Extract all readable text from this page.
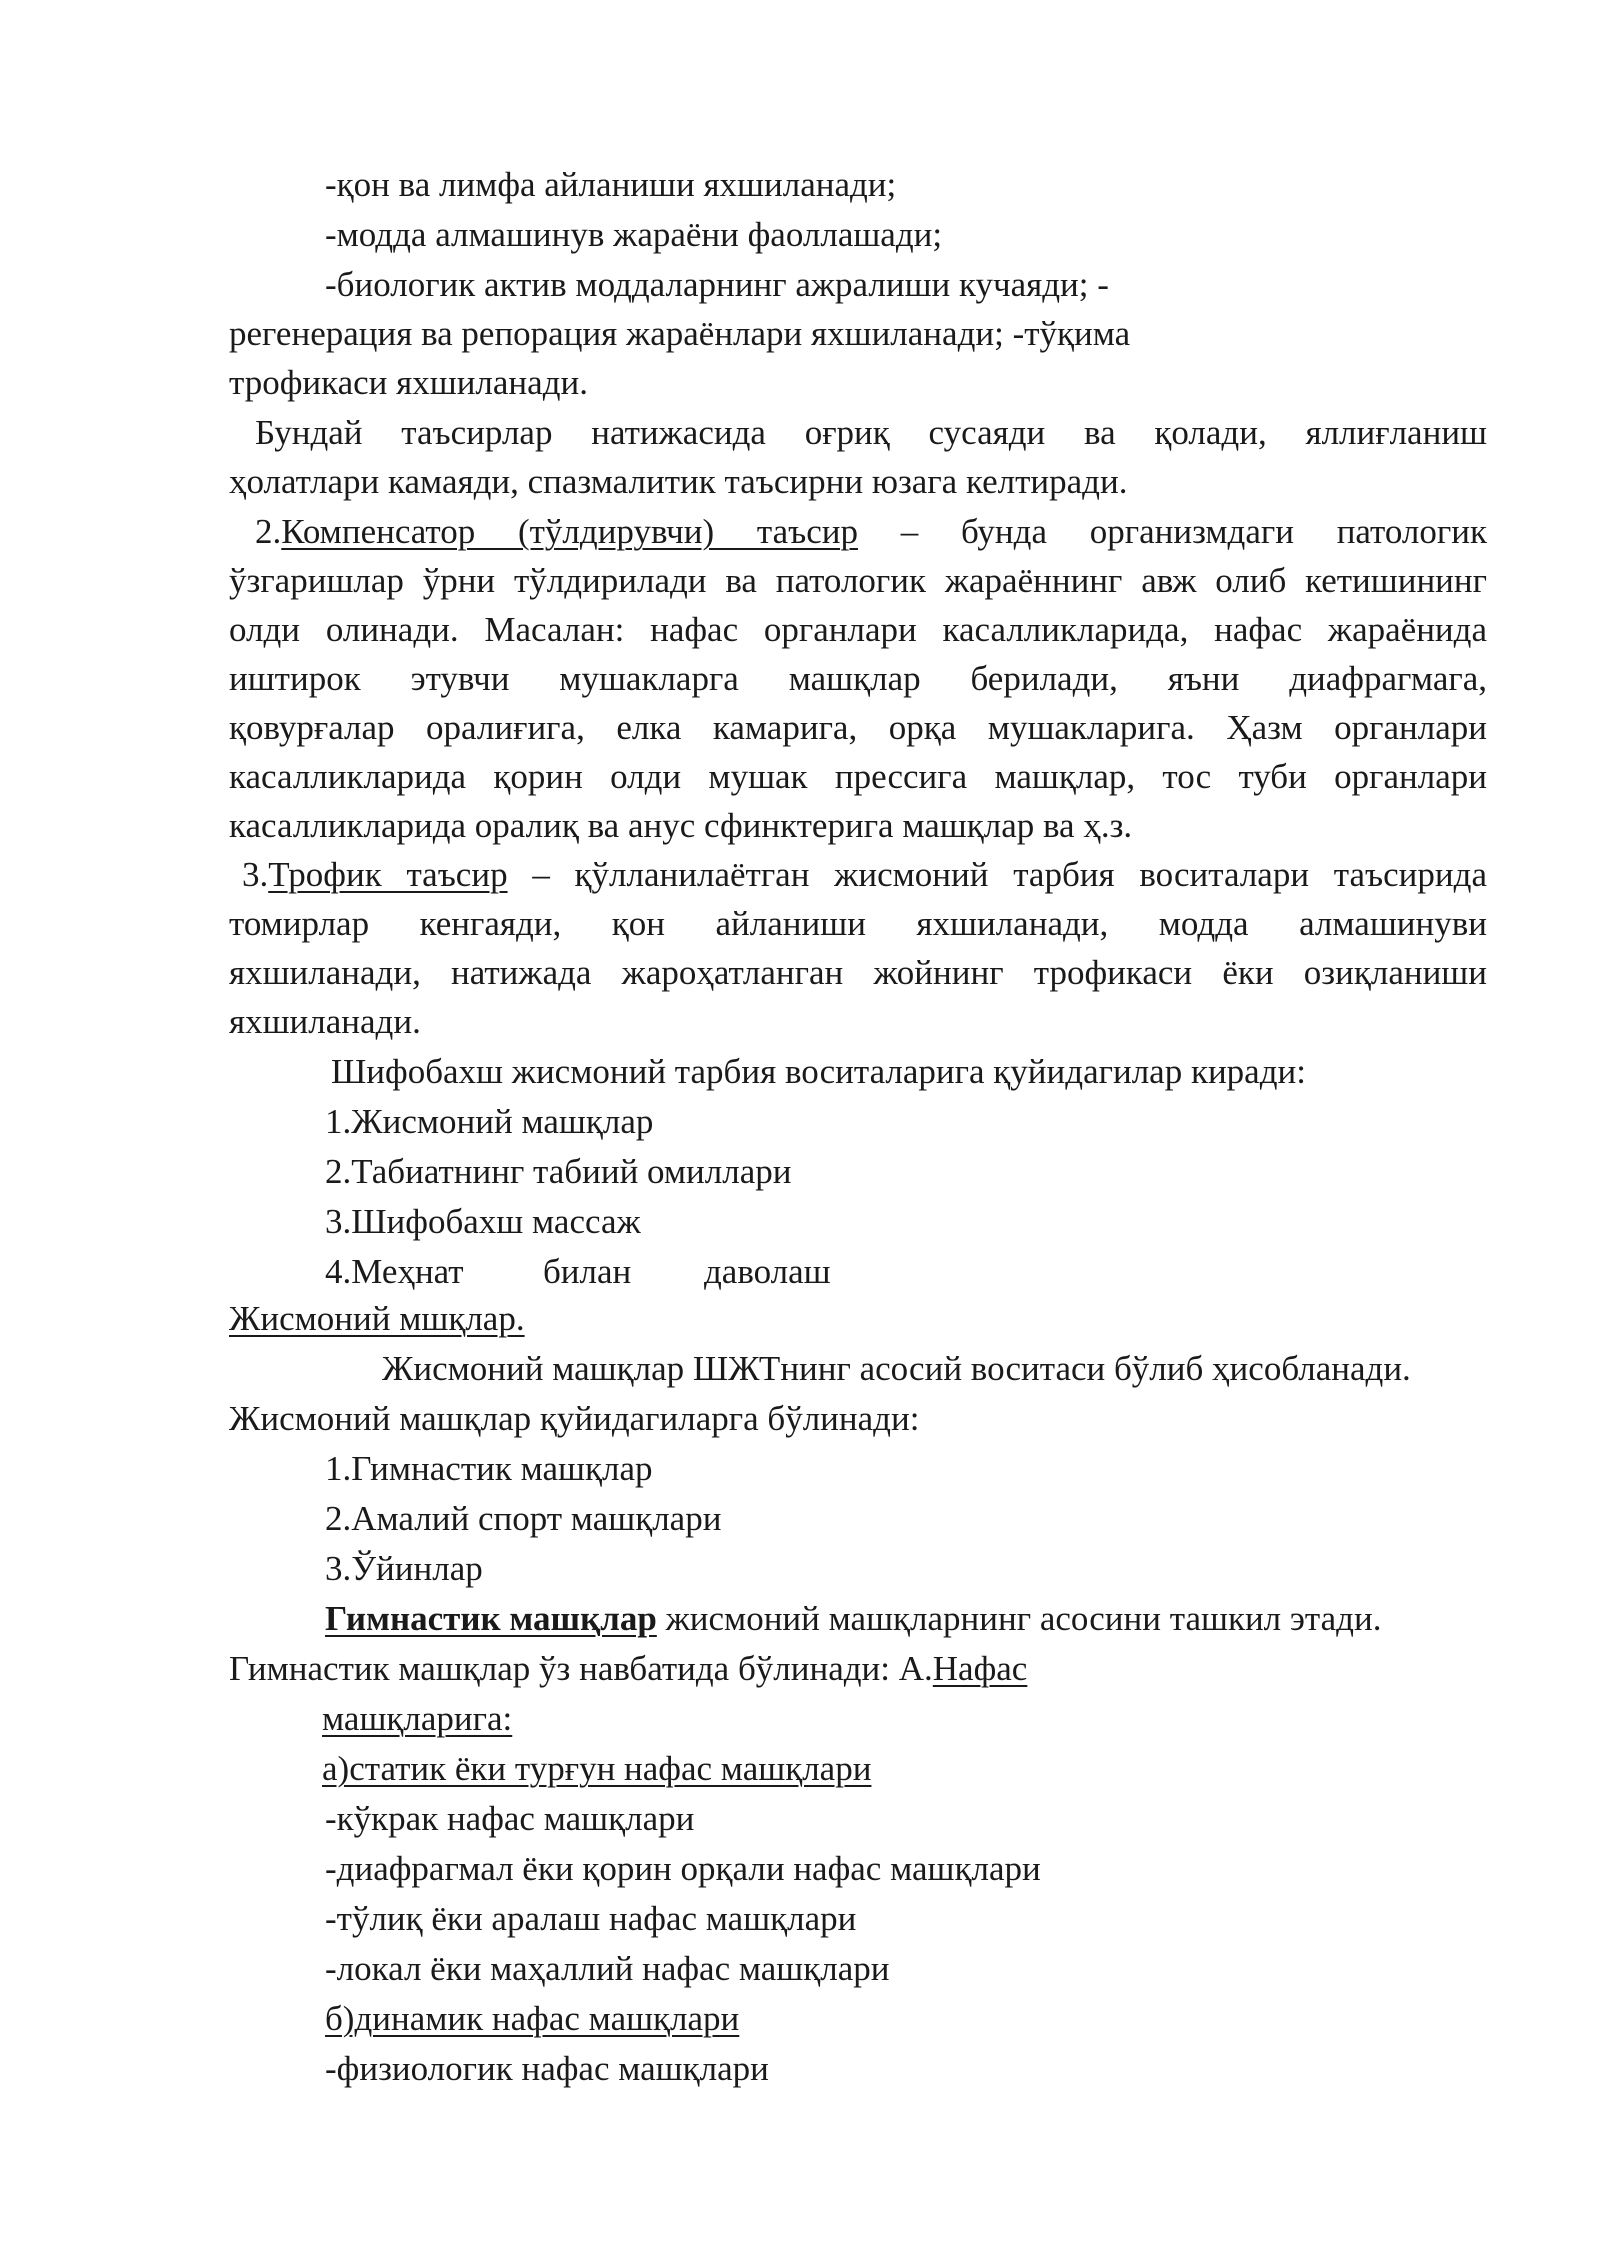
-қон ва лимфа айланиши яхшиланади;

-модда алмашинув жараёни фаоллашади;

-биологик актив моддаларнинг ажралиши кучаяди; -

регенерация ва репорация жараёнлари яхшиланади; -тўқима

трофикаси яхшиланади.

Бундай таъсирлар натижасида оғриқ сусаяди ва қолади, яллиғланиш

ҳолатлари камаяди, спазмалитик таъсирни юзага келтиради.

2.Компенсатор (тўлдирувчи) таъсир – бунда организмдаги патологик

ўзгаришлар ўрни тўлдирилади ва патологик жараённинг авж олиб кетишининг

олди олинади. Масалан: нафас органлари касалликларида, нафас жараёнида

иштирок этувчи мушакларга машқлар берилади, яъни диафрагмага,

қовурғалар оралиғига, елка камарига, орқа мушакларига. Ҳазм органлари

касалликларида қорин олди мушак прессига машқлар, тос туби органлари

касалликларида оралиқ ва анус сфинктерига машқлар ва ҳ.з.

3.Трофик таъсир – қўлланилаётган жисмоний тарбия воситалари таъсирида

томирлар кенгаяди, қон айланиши яхшиланади, модда алмашинуви

яхшиланади, натижада жароҳатланган жойнинг трофикаси ёки озиқланиши

яхшиланади.

Шифобахш жисмоний тарбия воситаларига қуйидагилар киради:

1.Жисмоний машқлар

2.Табиатнинг табиий омиллари

3.Шифобахш массаж

4.Меҳнат билан даволаш

Жисмоний мшқлар.

Жисмоний машқлар ШЖТнинг асосий воситаси бўлиб ҳисобланади.

Жисмоний машқлар қуйидагиларга бўлинади:

1.Гимнастик машқлар

2.Амалий спорт машқлари

3.Ўйинлар

Гимнастик машқлар жисмоний машқларнинг асосини ташкил этади.

Гимнастик машқлар ўз навбатида бўлинади: А.Нафас

машқларига:

а)статик ёки турғун нафас машқлари

-кўкрак нафас машқлари

-диафрагмал ёки қорин орқали нафас машқлари

-тўлиқ ёки аралаш нафас машқлари

-локал ёки маҳаллий нафас машқлари

б)динамик нафас машқлари

-физиологик нафас машқлари
